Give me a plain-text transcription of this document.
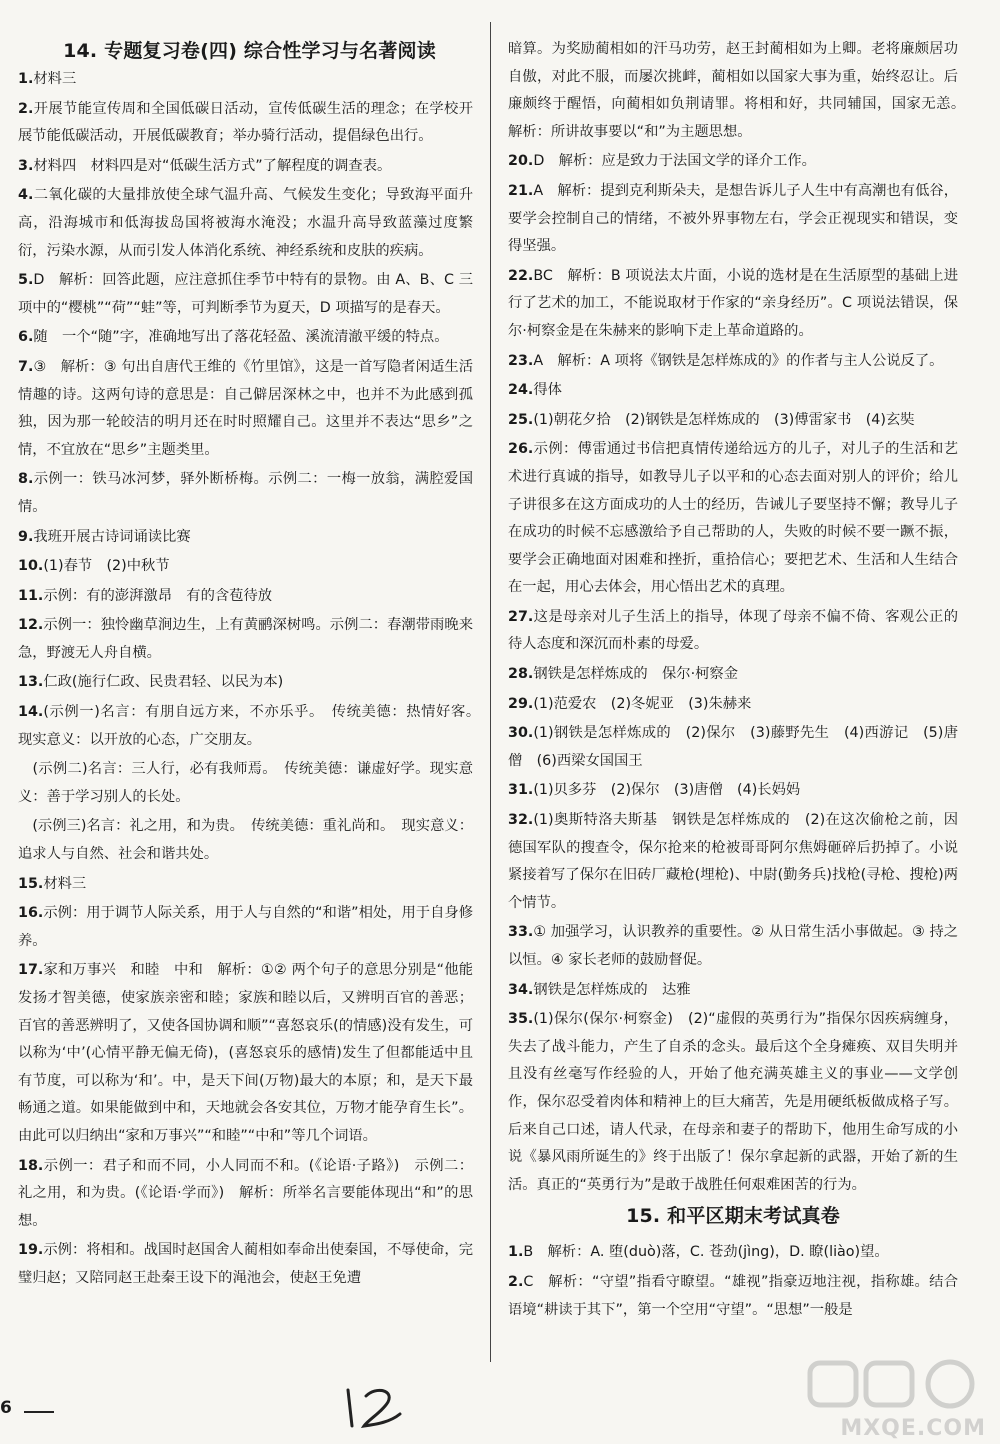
14. 专题复习卷(四) 综合性学习与名著阅读

1.材料三

2.开展节能宣传周和全国低碳日活动，宣传低碳生活的理念；在学校开展节能低碳活动，开展低碳教育；举办骑行活动，提倡绿色出行。

3.材料四　材料四是对“低碳生活方式”了解程度的调查表。

4.二氧化碳的大量排放使全球气温升高、气候发生变化；导致海平面升高，沿海城市和低海拔岛国将被海水淹没；水温升高导致蓝藻过度繁衍，污染水源，从而引发人体消化系统、神经系统和皮肤的疾病。

5.D　解析：回答此题，应注意抓住季节中特有的景物。由 A、B、C 三项中的“樱桃”“荷”“蛙”等，可判断季节为夏天，D 项描写的是春天。

6.随　一个“随”字，准确地写出了落花轻盈、溪流清澈平缓的特点。

7.③　解析：③ 句出自唐代王维的《竹里馆》，这是一首写隐者闲适生活情趣的诗。这两句诗的意思是：自己僻居深林之中，也并不为此感到孤独，因为那一轮皎洁的明月还在时时照耀自己。这里并不表达“思乡”之情，不宜放在“思乡”主题类里。

8.示例一：铁马冰河梦，驿外断桥梅。示例二：一梅一放翁，满腔爱国情。

9.我班开展古诗词诵读比赛

10.(1)春节　(2)中秋节

11.示例：有的澎湃激昂　有的含苞待放

12.示例一：独怜幽草涧边生，上有黄鹂深树鸣。示例二：春潮带雨晚来急，野渡无人舟自横。

13.仁政(施行仁政、民贵君轻、以民为本)

14.(示例一)名言：有朋自远方来，不亦乐乎。　传统美德：热情好客。　现实意义：以开放的心态，广交朋友。

　(示例二)名言：三人行，必有我师焉。　传统美德：谦虚好学。现实意义：善于学习别人的长处。

　(示例三)名言：礼之用，和为贵。　传统美德：重礼尚和。　现实意义：追求人与自然、社会和谐共处。

15.材料三

16.示例：用于调节人际关系，用于人与自然的“和谐”相处，用于自身修养。

17.家和万事兴　和睦　中和　解析：①② 两个句子的意思分别是“他能发扬才智美德，使家族亲密和睦；家族和睦以后，又辨明百官的善恶；百官的善恶辨明了，又使各国协调和顺”“喜怒哀乐(的情感)没有发生，可以称为‘中’(心情平静无偏无倚)，(喜怒哀乐的感情)发生了但都能适中且有节度，可以称为‘和’。中，是天下间(万物)最大的本原；和，是天下最畅通之道。如果能做到中和，天地就会各安其位，万物才能孕育生长”。由此可以归纳出“家和万事兴”“和睦”“中和”等几个词语。

18.示例一：君子和而不同，小人同而不和。(《论语·子路》)　示例二：礼之用，和为贵。(《论语·学而》)　解析：所举名言要能体现出“和”的思想。

19.示例：将相和。战国时赵国舍人蔺相如奉命出使秦国，不辱使命，完璧归赵；又陪同赵王赴秦王设下的渑池会，使赵王免遭

暗算。为奖励蔺相如的汗马功劳，赵王封蔺相如为上卿。老将廉颇居功自傲，对此不服，而屡次挑衅，蔺相如以国家大事为重，始终忍让。后廉颇终于醒悟，向蔺相如负荆请罪。将相和好，共同辅国，国家无恙。　解析：所讲故事要以“和”为主题思想。

20.D　解析：应是致力于法国文学的译介工作。

21.A　解析：提到克利斯朵夫，是想告诉儿子人生中有高潮也有低谷，要学会控制自己的情绪，不被外界事物左右，学会正视现实和错误，变得坚强。

22.BC　解析：B 项说法太片面，小说的选材是在生活原型的基础上进行了艺术的加工，不能说取材于作家的“亲身经历”。C 项说法错误，保尔·柯察金是在朱赫来的影响下走上革命道路的。

23.A　解析：A 项将《钢铁是怎样炼成的》的作者与主人公说反了。

24.得体

25.(1)朝花夕拾　(2)钢铁是怎样炼成的　(3)傅雷家书　(4)玄奘

26.示例：傅雷通过书信把真情传递给远方的儿子，对儿子的生活和艺术进行真诚的指导，如教导儿子以平和的心态去面对别人的评价；给儿子讲很多在这方面成功的人士的经历，告诫儿子要坚持不懈；教导儿子在成功的时候不忘感激给予自己帮助的人，失败的时候不要一蹶不振，要学会正确地面对困难和挫折，重拾信心；要把艺术、生活和人生结合在一起，用心去体会，用心悟出艺术的真理。

27.这是母亲对儿子生活上的指导，体现了母亲不偏不倚、客观公正的待人态度和深沉而朴素的母爱。

28.钢铁是怎样炼成的　保尔·柯察金

29.(1)范爱农　(2)冬妮亚　(3)朱赫来

30.(1)钢铁是怎样炼成的　(2)保尔　(3)藤野先生　(4)西游记　(5)唐僧　(6)西梁女国国王

31.(1)贝多芬　(2)保尔　(3)唐僧　(4)长妈妈

32.(1)奥斯特洛夫斯基　钢铁是怎样炼成的　(2)在这次偷枪之前，因德国军队的搜查令，保尔抢来的枪被哥哥阿尔焦姆砸碎后扔掉了。小说紧接着写了保尔在旧砖厂藏枪(埋枪)、中尉(勤务兵)找枪(寻枪、搜枪)两个情节。

33.① 加强学习，认识教养的重要性。② 从日常生活小事做起。③ 持之以恒。④ 家长老师的鼓励督促。

34.钢铁是怎样炼成的　达雅

35.(1)保尔(保尔·柯察金)　(2)“虚假的英勇行为”指保尔因疾病缠身，失去了战斗能力，产生了自杀的念头。最后这个全身瘫痪、双目失明并且没有丝毫写作经验的人，开始了他充满英雄主义的事业——文学创作，保尔忍受着肉体和精神上的巨大痛苦，先是用硬纸板做成格子写。后来自己口述，请人代录，在母亲和妻子的帮助下，他用生命写成的小说《暴风雨所诞生的》终于出版了！保尔拿起新的武器，开始了新的生活。真正的“英勇行为”是敢于战胜任何艰难困苦的行为。

15. 和平区期末考试真卷

1.B　解析：A. 堕(duò)落，C. 苍劲(jìng)，D. 瞭(liào)望。

2.C　解析：“守望”指看守瞭望。“雄视”指豪迈地注视，指称雄。结合语境“耕读于其下”，第一个空用“守望”。“思想”一般是

6
MXQE.COM
